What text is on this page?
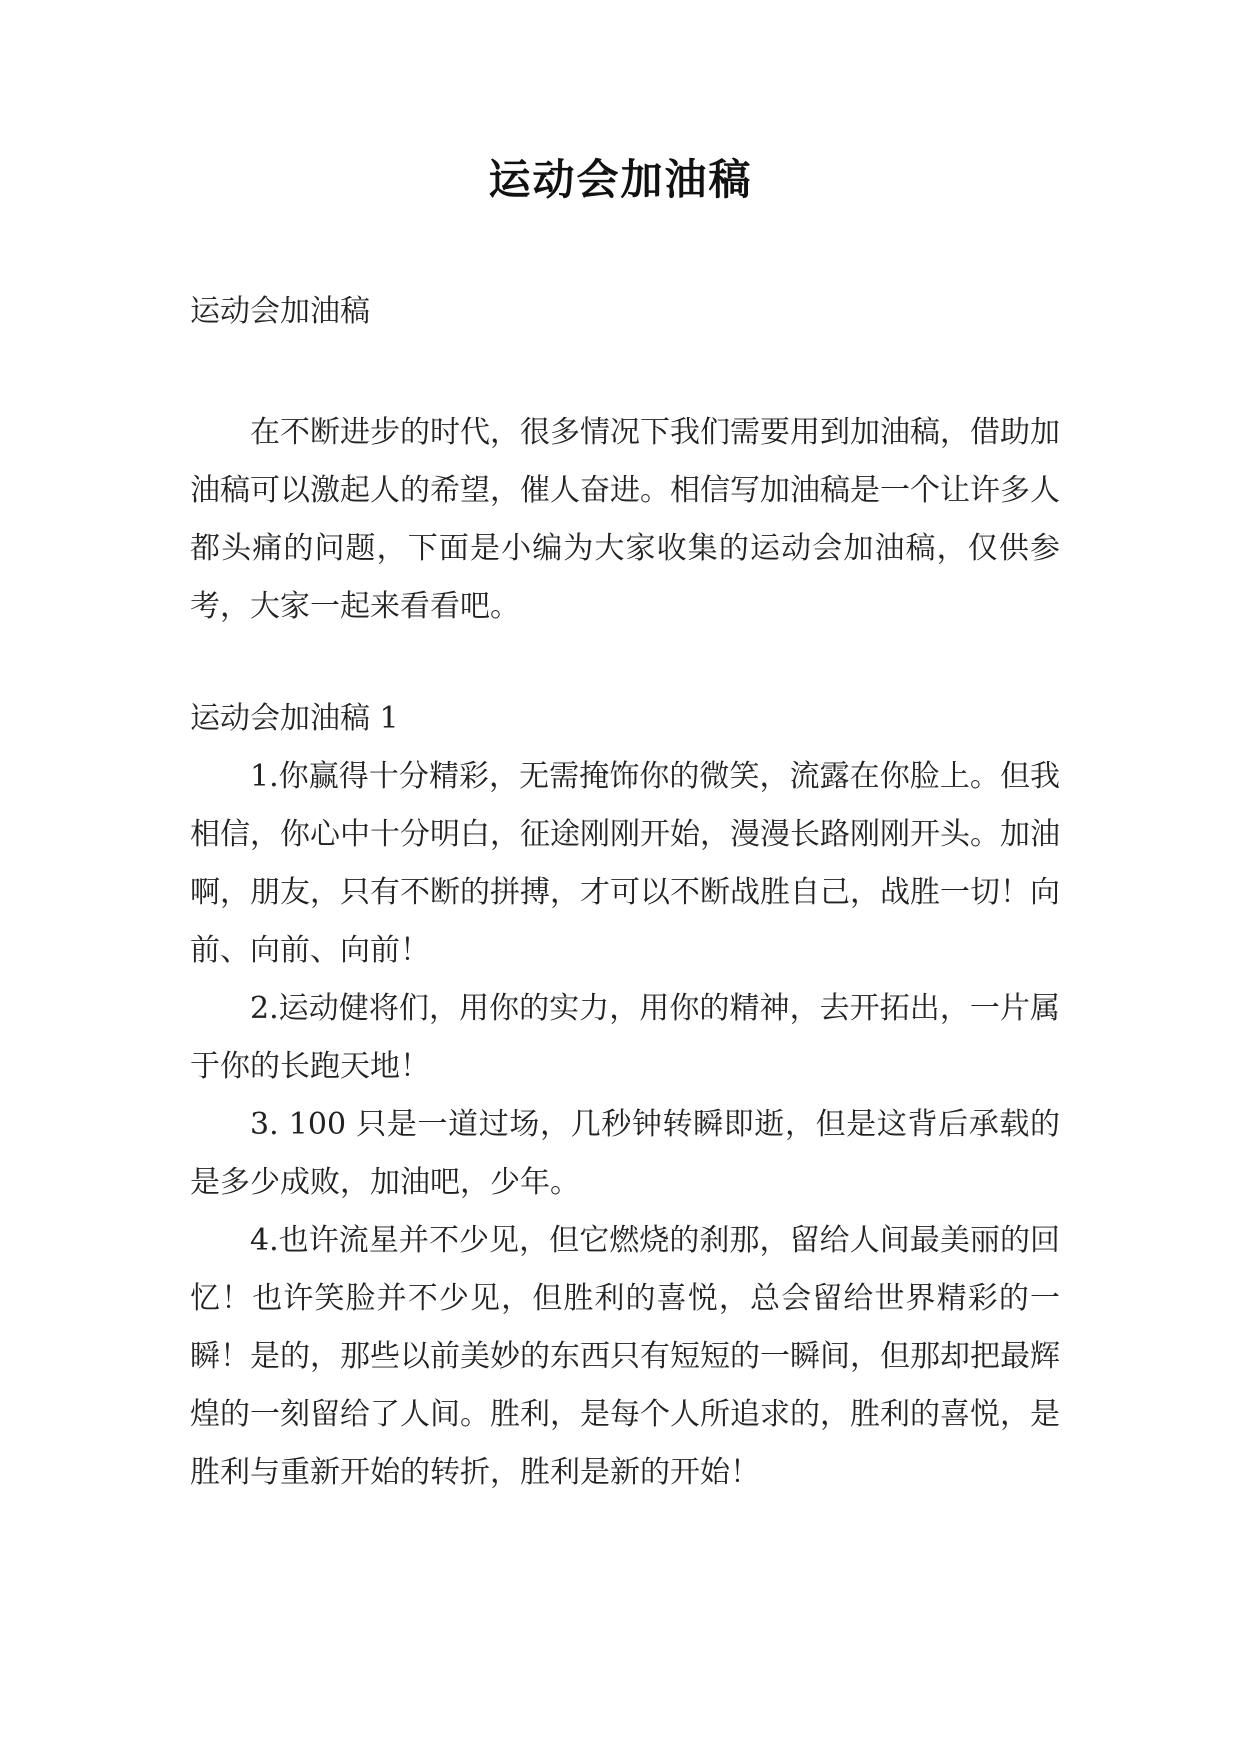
运动会加油稿
运动会加油稿

在不断进步的时代，很多情况下我们需要用到加油稿，借助加油稿可以激起人的希望，催人奋进。相信写加油稿是一个让许多人都头痛的问题，下面是小编为大家收集的运动会加油稿，仅供参考，大家一起来看看吧。

运动会加油稿 1

1.你赢得十分精彩，无需掩饰你的微笑，流露在你脸上。但我相信，你心中十分明白，征途刚刚开始，漫漫长路刚刚开头。加油啊，朋友，只有不断的拼搏，才可以不断战胜自己，战胜一切！向前、向前、向前！

2.运动健将们，用你的实力，用你的精神，去开拓出，一片属于你的长跑天地！

3. 100 只是一道过场，几秒钟转瞬即逝，但是这背后承载的是多少成败，加油吧，少年。

4.也许流星并不少见，但它燃烧的刹那，留给人间最美丽的回忆！也许笑脸并不少见，但胜利的喜悦，总会留给世界精彩的一瞬！是的，那些以前美妙的东西只有短短的一瞬间，但那却把最辉煌的一刻留给了人间。胜利，是每个人所追求的，胜利的喜悦，是胜利与重新开始的转折，胜利是新的开始！
